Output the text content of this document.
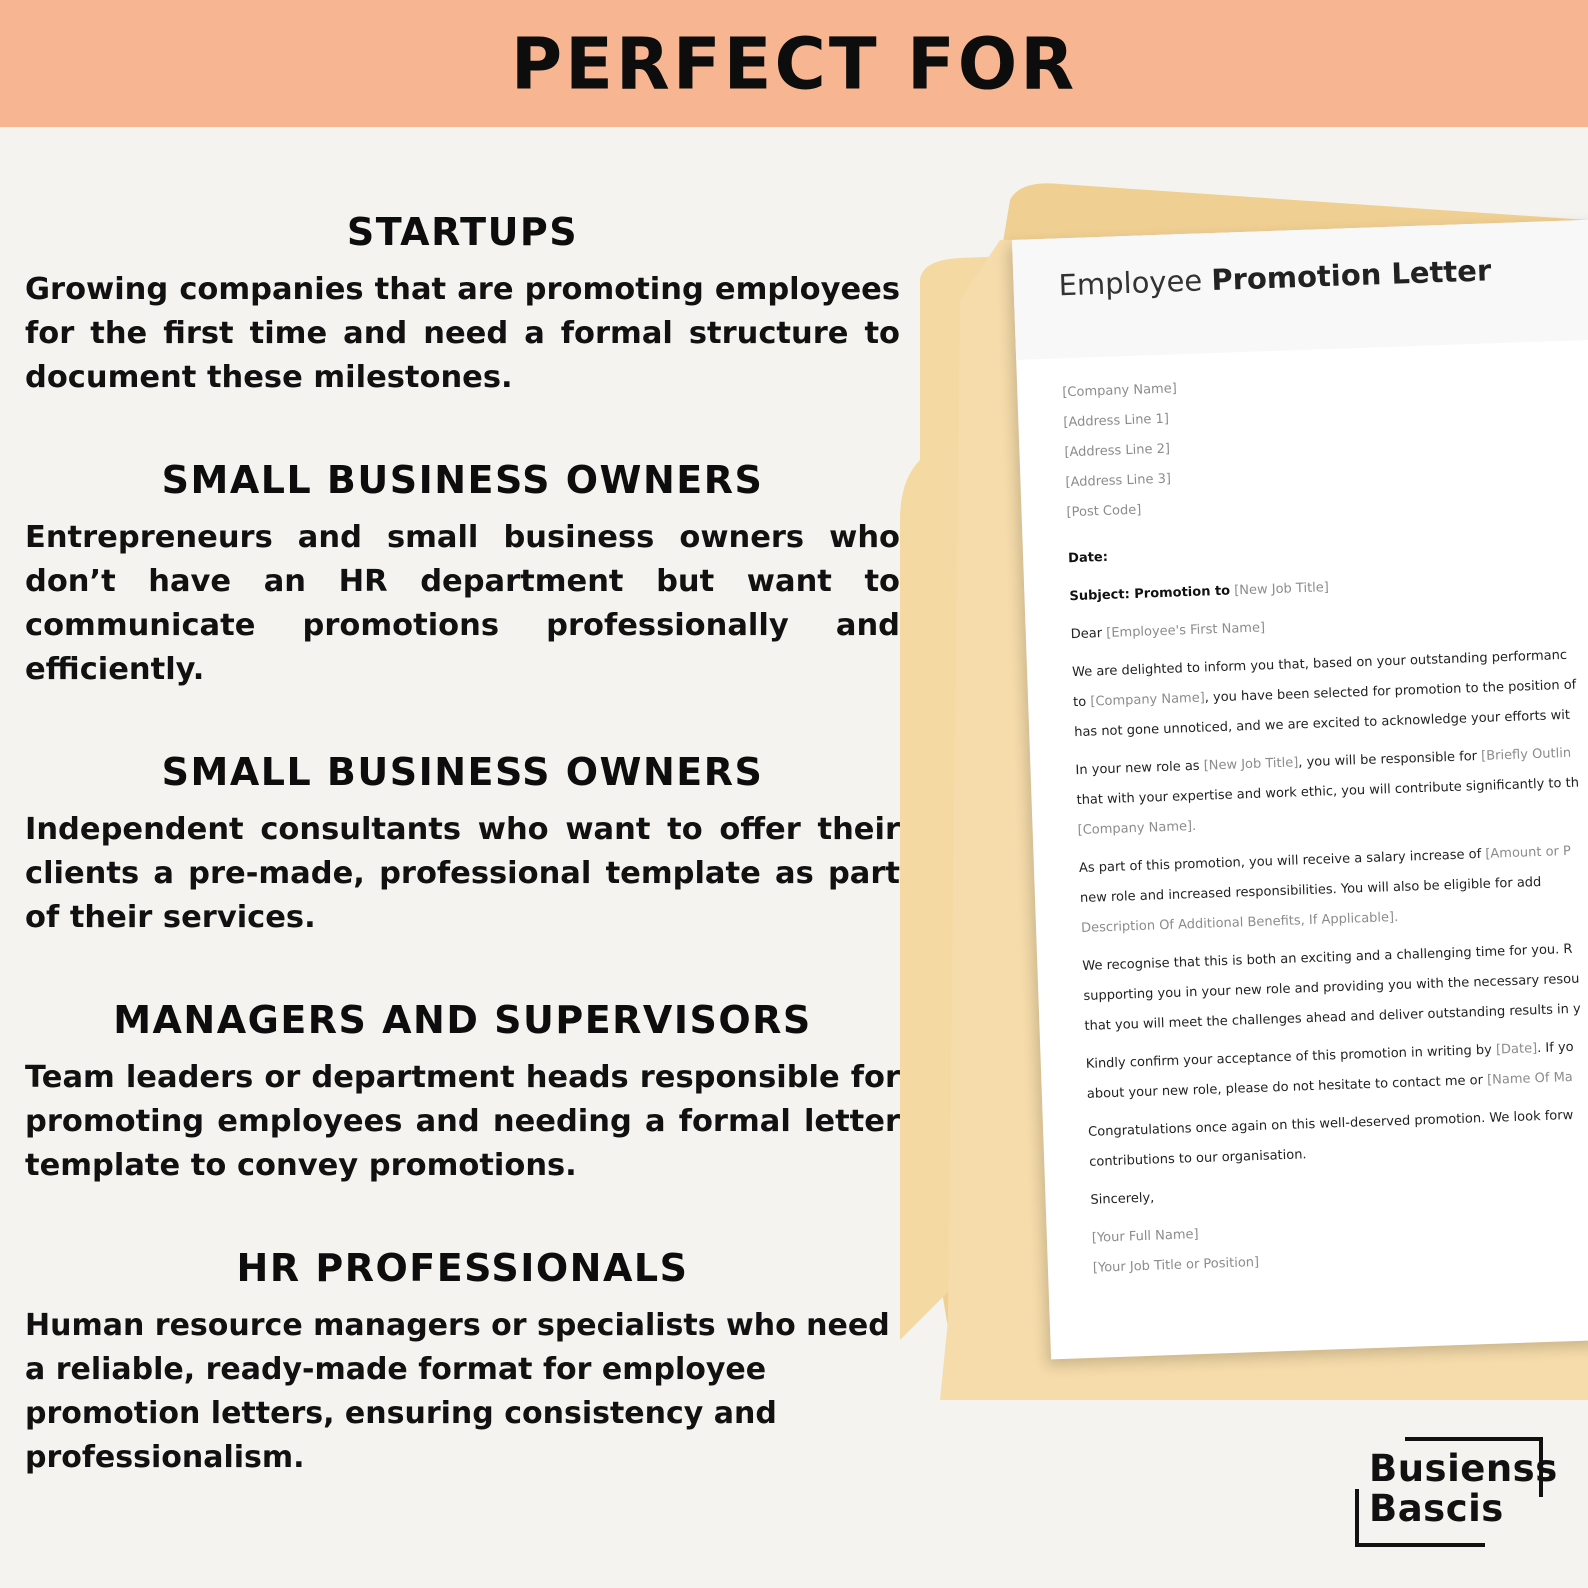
PERFECT FOR
STARTUPS

Growing companies that are promoting employees for the first time and need a formal structure to document these milestones.

SMALL BUSINESS OWNERS

Entrepreneurs and small business owners who don’t have an HR department but want to communicate promotions professionally and efficiently.

SMALL BUSINESS OWNERS

Independent consultants who want to offer their clients a pre-made, professional template as part of their services.

MANAGERS AND SUPERVISORS

Team leaders or department heads responsible for promoting employees and needing a formal letter template to convey promotions.

HR PROFESSIONALS

Human resource managers or specialists who need a reliable, ready-made format for employee promotion letters, ensuring consistency and professionalism.

Employee Promotion Letter
[Company Name]
[Address Line 1]
[Address Line 2]
[Address Line 3]
[Post Code]
Date:
Subject: Promotion to [New Job Title]
Dear [Employee's First Name]
We are delighted to inform you that, based on your outstanding performanc
to [Company Name], you have been selected for promotion to the position of
has not gone unnoticed, and we are excited to acknowledge your efforts wit
In your new role as [New Job Title], you will be responsible for [Briefly Outlin
that with your expertise and work ethic, you will contribute significantly to th
[Company Name].
As part of this promotion, you will receive a salary increase of [Amount or P
new role and increased responsibilities. You will also be eligible for add
Description Of Additional Benefits, If Applicable].
We recognise that this is both an exciting and a challenging time for you. R
supporting you in your new role and providing you with the necessary resou
that you will meet the challenges ahead and deliver outstanding results in y
Kindly confirm your acceptance of this promotion in writing by [Date]. If yo
about your new role, please do not hesitate to contact me or [Name Of Ma
Congratulations once again on this well-deserved promotion. We look forw
contributions to our organisation.
Sincerely,
[Your Full Name]
[Your Job Title or Position]
Busienss
Bascis
